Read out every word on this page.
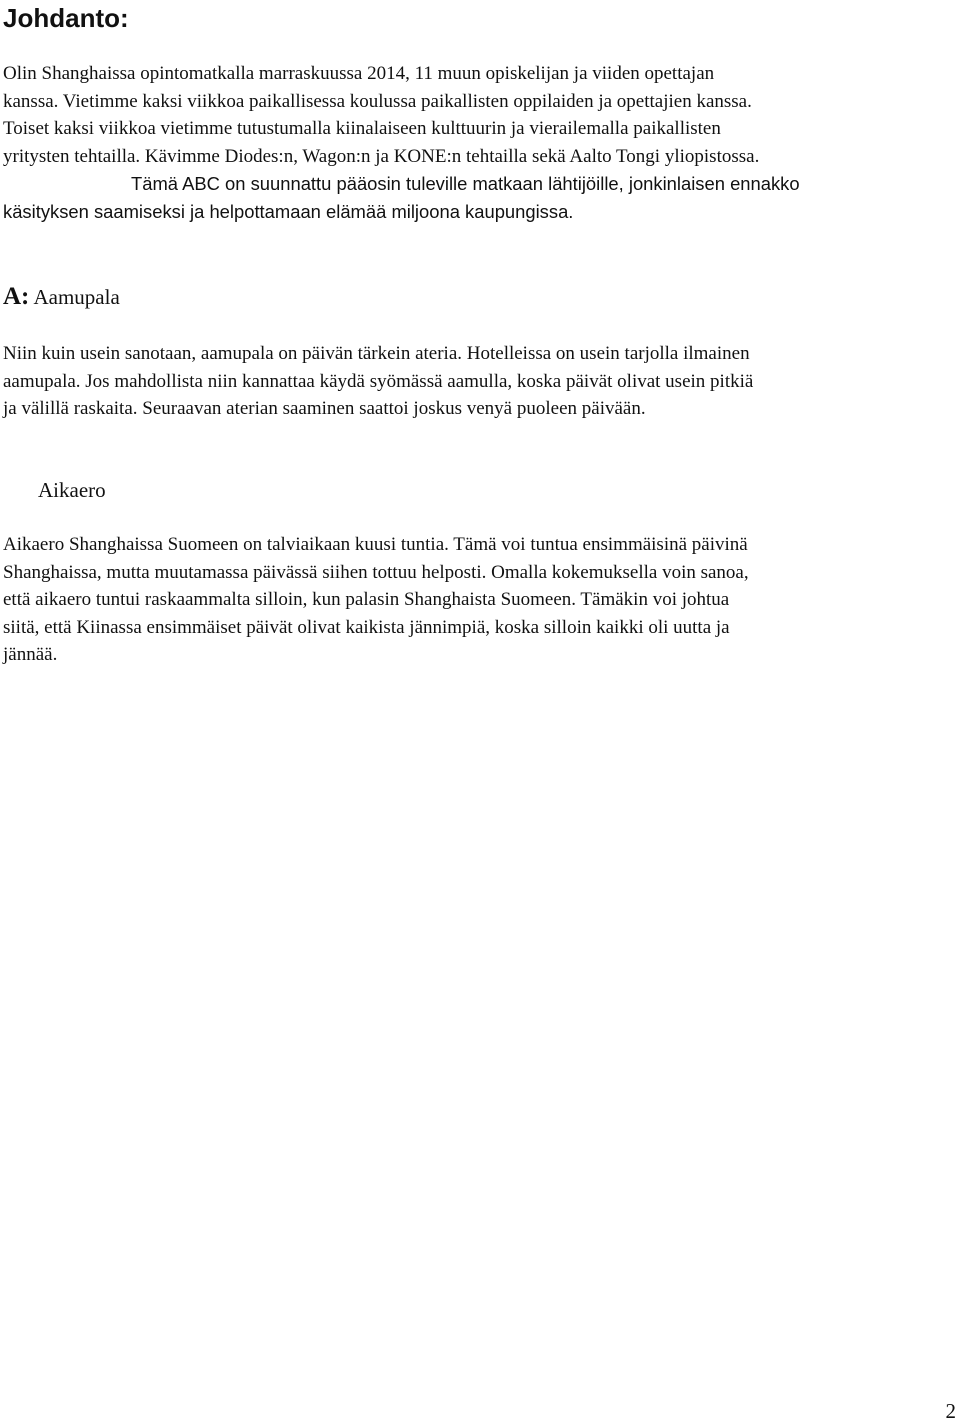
Johdanto:

Olin Shanghaissa opintomatkalla marraskuussa 2014, 11 muun opiskelijan ja viiden opettajan
kanssa. Vietimme kaksi viikkoa paikallisessa koulussa paikallisten oppilaiden ja opettajien kanssa.
Toiset kaksi viikkoa vietimme tutustumalla kiinalaiseen kulttuurin ja vierailemalla paikallisten
yritysten tehtailla. Kävimme Diodes:n, Wagon:n ja KONE:n tehtailla sekä Aalto Tongi yliopistossa.
Tämä ABC on suunnattu pääosin tuleville matkaan lähtijöille, jonkinlaisen ennakko
käsityksen saamiseksi ja helpottamaan elämää miljoona kaupungissa.

A: Aamupala

Niin kuin usein sanotaan, aamupala on päivän tärkein ateria. Hotelleissa on usein tarjolla ilmainen
aamupala. Jos mahdollista niin kannattaa käydä syömässä aamulla, koska päivät olivat usein pitkiä
ja välillä raskaita. Seuraavan aterian saaminen saattoi joskus venyä puoleen päivään.

Aikaero

Aikaero Shanghaissa Suomeen on talviaikaan kuusi tuntia. Tämä voi tuntua ensimmäisinä päivinä
Shanghaissa, mutta muutamassa päivässä siihen tottuu helposti. Omalla kokemuksella voin sanoa,
että aikaero tuntui raskaammalta silloin, kun palasin Shanghaista Suomeen. Tämäkin voi johtua
siitä, että Kiinassa ensimmäiset päivät olivat kaikista jännimpiä, koska silloin kaikki oli uutta ja
jännää.

2
